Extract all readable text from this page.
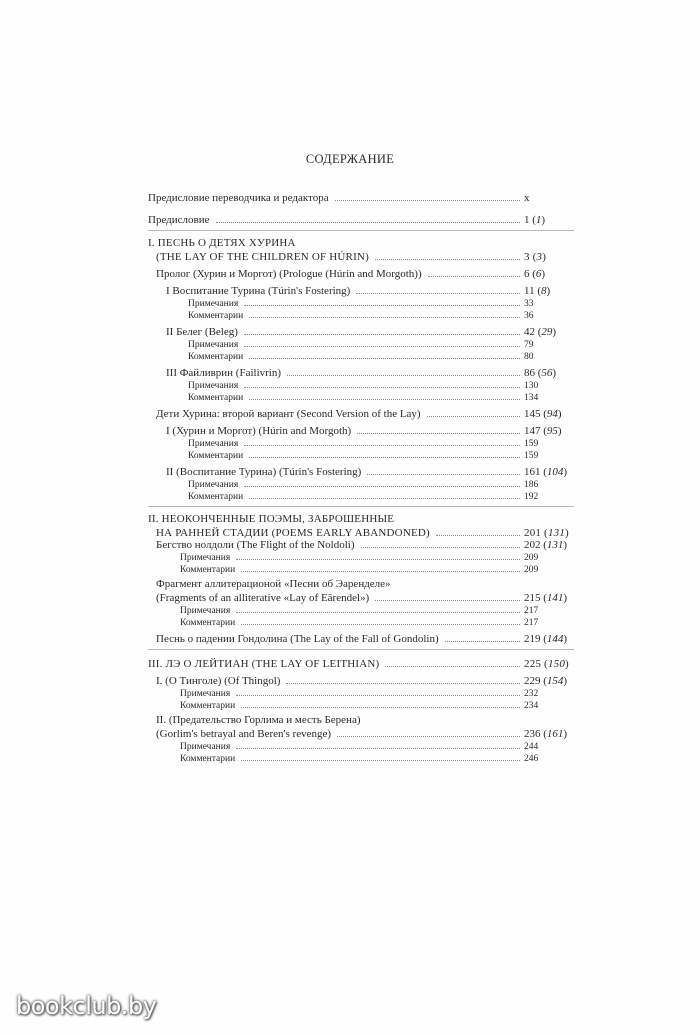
СОДЕРЖАНИЕ
Предисловие переводчика и редактора	x
Предисловие	1 (1)
I. ПЕСНЬ О ДЕТЯХ ХУРИНА
(THE LAY OF THE CHILDREN OF HÚRIN)	3 (3)
Пролог (Хурин и Моргот) (Prologue (Húrin and Morgoth))	6 (6)
I Воспитание Турина (Túrin's Fostering)	11 (8)
Примечания	33
Комментарии	36
II Белег (Beleg)	42 (29)
Примечания	79
Комментарии	80
III Файливрин (Failivrin)	86 (56)
Примечания	130
Комментарии	134
Дети Хурина: второй вариант (Second Version of the Lay)	145 (94)
I (Хурин и Моргот) (Húrin and Morgoth)	147 (95)
Примечания	159
Комментарии	159
II (Воспитание Турина) (Túrin's Fostering)	161 (104)
Примечания	186
Комментарии	192
II. НЕОКОНЧЕННЫЕ ПОЭМЫ, ЗАБРОШЕННЫЕ
НА РАННЕЙ СТАДИИ (POEMS EARLY ABANDONED)	201 (131)
Бегство нолдоли (The Flight of the Noldoli)	202 (131)
Примечания	209
Комментарии	209
Фрагмент аллитерационой «Песни об Эаренделе»
(Fragments of an alliterative «Lay of Eärendel»)	215 (141)
Примечания	217
Комментарии	217
Песнь о падении Гондолина (The Lay of the Fall of Gondolin)	219 (144)
III. ЛЭ О ЛЕЙТИАН (THE LAY OF LEITHIAN)	225 (150)
I. (О Тинголе) (Of Thingol)	229 (154)
Примечания	232
Комментарии	234
II. (Предательство Горлима и месть Берена)
(Gorlim's betrayal and Beren's revenge)	236 (161)
Примечания	244
Комментарии	246
bookclub.by
